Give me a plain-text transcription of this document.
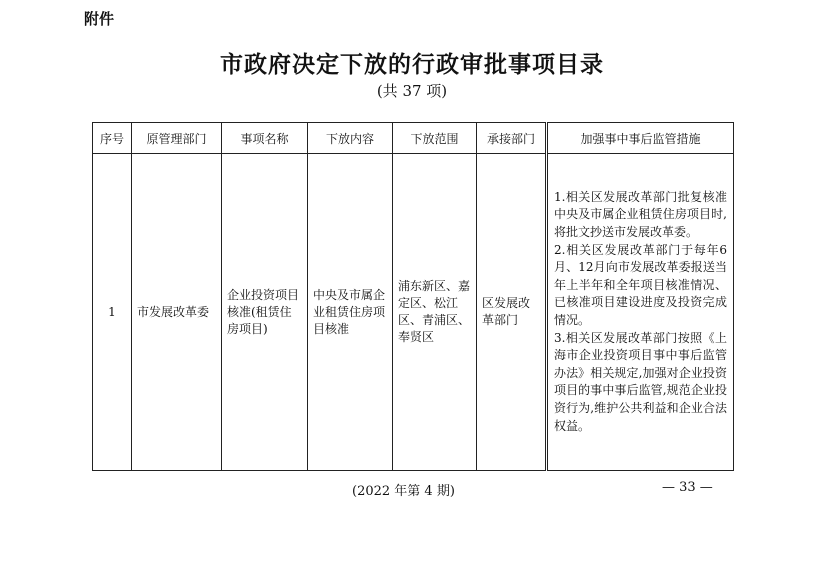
附件
市政府决定下放的行政审批事项目录
(共 37 项)
序号	原管理部门	事项名称	下放内容	下放范围	承接部门	加强事中事后监管措施
1	市发展改革委	企业投资项目核准(租赁住房项目)	中央及市属企业租赁住房项目核准	浦东新区、嘉定区、松江区、青浦区、奉贤区	区发展改革部门	1.相关区发展改革部门批复核准中央及市属企业租赁住房项目时,将批文抄送市发展改革委。

2.相关区发展改革部门于每年6月、12月向市发展改革委报送当年上半年和全年项目核准情况、已核准项目建设进度及投资完成情况。

3.相关区发展改革部门按照《上海市企业投资项目事中事后监管办法》相关规定,加强对企业投资项目的事中事后监管,规范企业投资行为,维护公共利益和企业合法权益。

(2022 年第 4 期)	— 33 —
